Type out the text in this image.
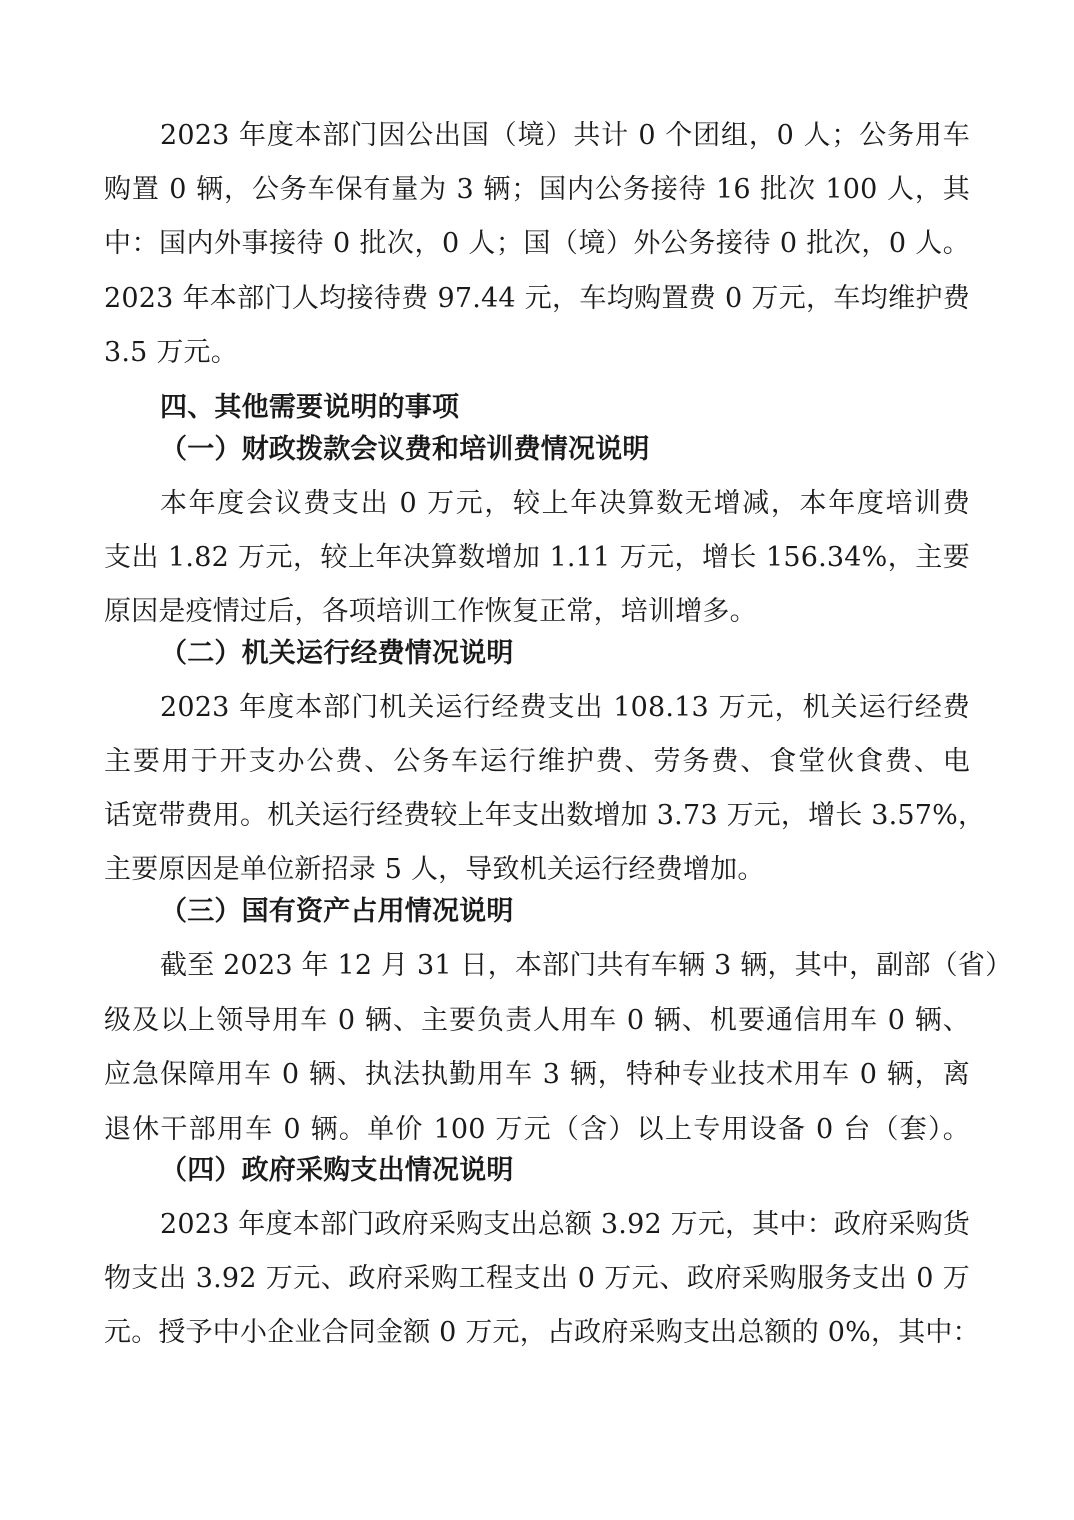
2023 年度本部门因公出国（境）共计 0 个团组，0 人；公务用车
购置 0 辆，公务车保有量为 3 辆；国内公务接待 16 批次 100 人，其
中：国内外事接待 0 批次，0 人；国（境）外公务接待 0 批次，0 人。
2023 年本部门人均接待费 97.44 元，车均购置费 0 万元，车均维护费
3.5 万元。
四、其他需要说明的事项
（一）财政拨款会议费和培训费情况说明
本年度会议费支出 0 万元，较上年决算数无增减，本年度培训费
支出 1.82 万元，较上年决算数增加 1.11 万元，增长 156.34%，主要
原因是疫情过后，各项培训工作恢复正常，培训增多。
（二）机关运行经费情况说明
2023 年度本部门机关运行经费支出 108.13 万元，机关运行经费
主要用于开支办公费、公务车运行维护费、劳务费、食堂伙食费、电
话宽带费用。机关运行经费较上年支出数增加 3.73 万元，增长 3.57%，
主要原因是单位新招录 5 人，导致机关运行经费增加。
（三）国有资产占用情况说明
截至 2023 年 12 月 31 日，本部门共有车辆 3 辆，其中，副部（省）
级及以上领导用车 0 辆、主要负责人用车 0 辆、机要通信用车 0 辆、
应急保障用车 0 辆、执法执勤用车 3 辆，特种专业技术用车 0 辆，离
退休干部用车 0 辆。单价 100 万元（含）以上专用设备 0 台（套）。
（四）政府采购支出情况说明
2023 年度本部门政府采购支出总额 3.92 万元，其中：政府采购货
物支出 3.92 万元、政府采购工程支出 0 万元、政府采购服务支出 0 万
元。授予中小企业合同金额 0 万元，占政府采购支出总额的 0%，其中：
